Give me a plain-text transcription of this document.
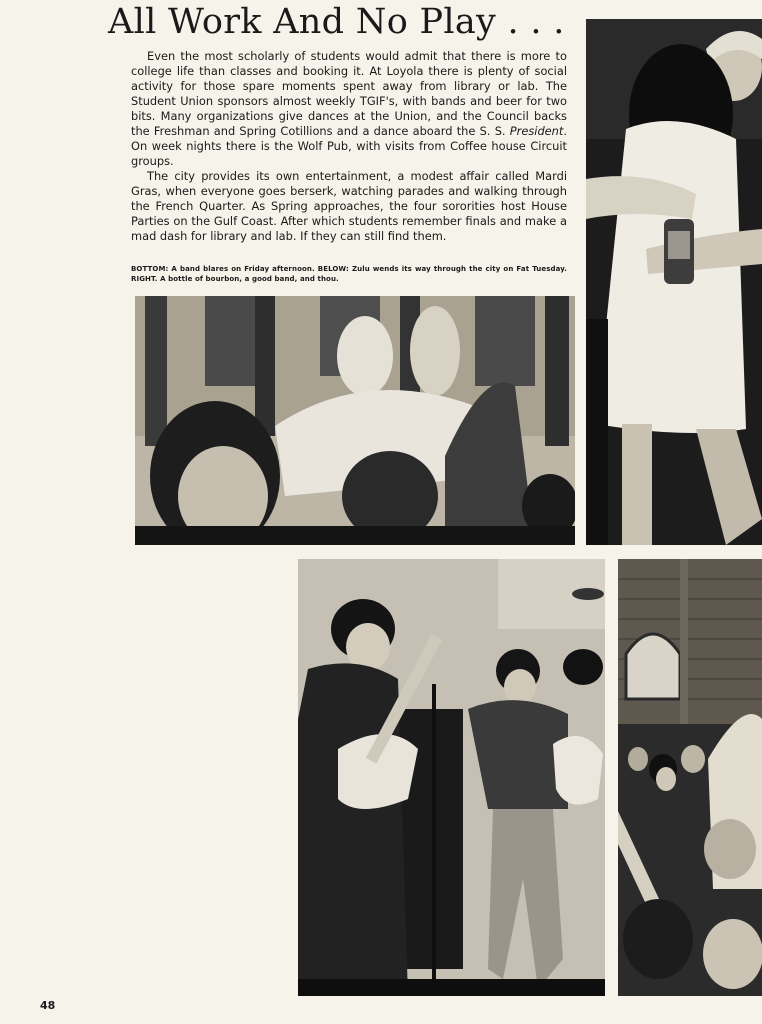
All Work And No Play . . .

Even the most scholarly of students would admit that there is more to college life than classes and booking it. At Loyola there is plenty of social activity for those spare moments spent away from library or lab. The Student Union sponsors almost weekly TGIF's, with bands and beer for two bits. Many organizations give dances at the Union, and the Council backs the Freshman and Spring Cotillions and a dance aboard the S. S. President. On week nights there is the Wolf Pub, with visits from Coffee house Circuit groups.

The city provides its own entertainment, a modest affair called Mardi Gras, when everyone goes berserk, watching parades and walking through the French Quarter. As Spring approaches, the four sororities host House Parties on the Gulf Coast. After which students remember finals and make a mad dash for library and lab. If they can still find them.

BOTTOM: A band blares on Friday afternoon. BELOW: Zulu wends its way through the city on Fat Tuesday. RIGHT. A bottle of bourbon, a good band, and thou.
48
